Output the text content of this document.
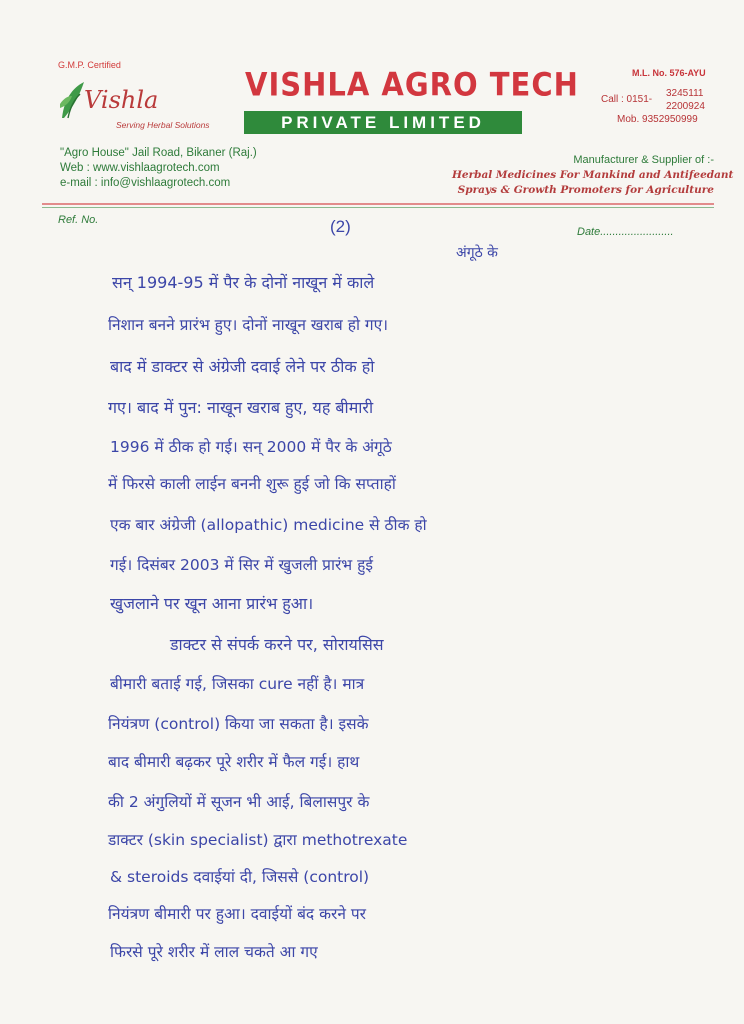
G.M.P. Certified
Vishla
Serving Herbal Solutions
VISHLA AGRO TECH
PRIVATE LIMITED
M.L. No. 576-AYU
Call : 0151-
3245111
2200924
Mob. 9352950999
"Agro House" Jail Road, Bikaner (Raj.)
Web : www.vishlaagrotech.com
e-mail : info@vishlaagrotech.com
Manufacturer & Supplier of :-
Herbal Medicines For Mankind and Antifeedant
Sprays & Growth Promoters for Agriculture
Ref. No.
Date........................
(2)
अंगूठे के
सन् 1994-95 में पैर के दोनों नाखून में काले
निशान बनने प्रारंभ हुए। दोनों नाखून खराब हो गए।
बाद में डाक्टर से अंग्रेजी दवाई लेने पर ठीक हो
गए। बाद में पुन: नाखून खराब हुए, यह बीमारी
1996 में ठीक हो गई। सन् 2000 में पैर के अंगूठे
में फिरसे काली लाईन बननी शुरू हुई जो कि सप्ताहों
एक बार अंग्रेजी (allopathic) medicine से ठीक हो
गई। दिसंबर 2003 में सिर में खुजली प्रारंभ हुई
खुजलाने पर खून आना प्रारंभ हुआ।
डाक्टर से संपर्क करने पर, सोरायसिस
बीमारी बताई गई, जिसका cure नहीं है। मात्र
नियंत्रण (control) किया जा सकता है। इसके
बाद बीमारी बढ़कर पूरे शरीर में फैल गई। हाथ
की 2 अंगुलियों में सूजन भी आई, बिलासपुर के
डाक्टर (skin specialist) द्वारा methotrexate
& steroids दवाईयां दी, जिससे (control)
नियंत्रण बीमारी पर हुआ। दवाईयों बंद करने पर
फिरसे पूरे शरीर में लाल चकते आ गए
